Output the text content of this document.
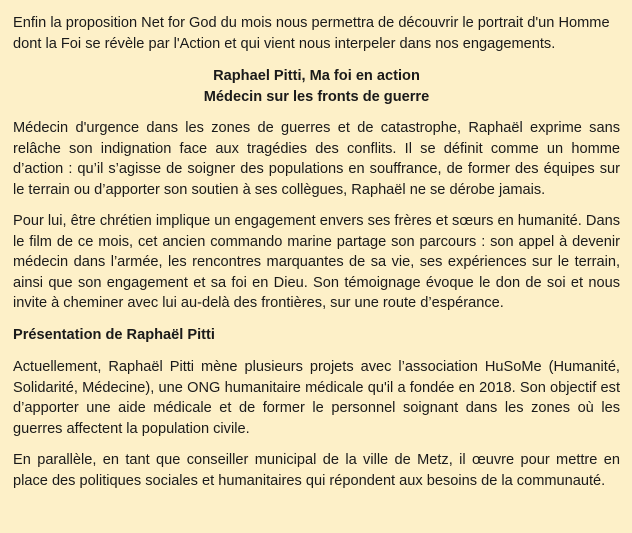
Enfin la proposition Net for God du mois nous permettra de découvrir le portrait d'un Homme dont la Foi se révèle par l'Action et qui vient nous interpeler dans nos engagements.

Raphael Pitti, Ma foi en action
Médecin sur les fronts de guerre

Médecin d'urgence dans les zones de guerres et de catastrophe, Raphaël exprime sans relâche son indignation face aux tragédies des conflits. Il se définit comme un homme d’action : qu’il s’agisse de soigner des populations en souffrance, de former des équipes sur le terrain ou d’apporter son soutien à ses collègues, Raphaël ne se dérobe jamais.

Pour lui, être chrétien implique un engagement envers ses frères et sœurs en humanité. Dans le film de ce mois, cet ancien commando marine partage son parcours : son appel à devenir médecin dans l’armée, les rencontres marquantes de sa vie, ses expériences sur le terrain, ainsi que son engagement et sa foi en Dieu. Son témoignage évoque le don de soi et nous invite à cheminer avec lui au-delà des frontières, sur une route d’espérance.

Présentation de Raphaël Pitti

Actuellement, Raphaël Pitti mène plusieurs projets avec l’association HuSoMe (Humanité, Solidarité, Médecine), une ONG humanitaire médicale qu'il a fondée en 2018. Son objectif est d’apporter une aide médicale et de former le personnel soignant dans les zones où les guerres affectent la population civile.

En parallèle, en tant que conseiller municipal de la ville de Metz, il œuvre pour mettre en place des politiques sociales et humanitaires qui répondent aux besoins de la communauté.
